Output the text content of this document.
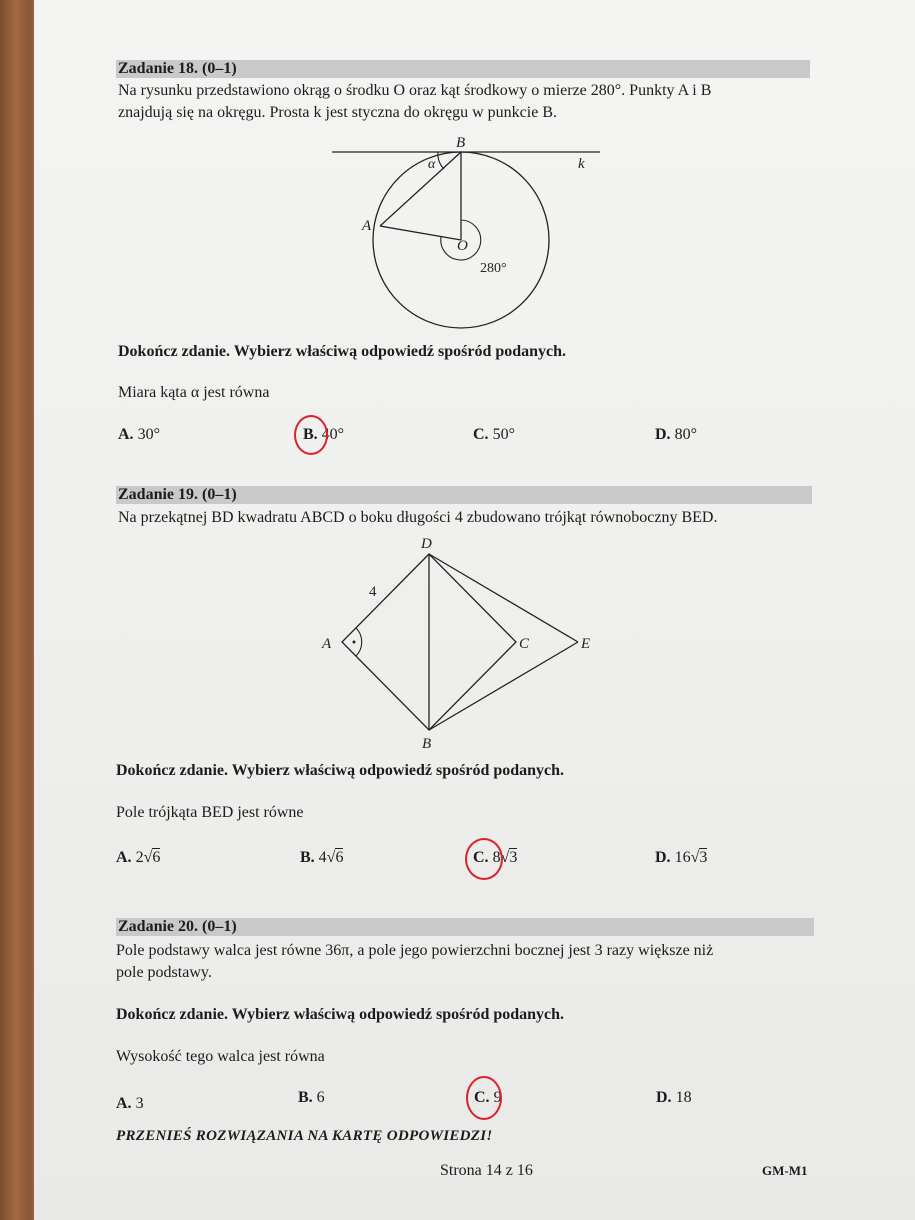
Zadanie 18. (0–1)
Na rysunku przedstawiono okrąg o środku O oraz kąt środkowy o mierze 280°. Punkty A i B
znajdują się na okręgu. Prosta k jest styczna do okręgu w punkcie B.
B
k
α
A
O
280°
Dokończ zdanie. Wybierz właściwą odpowiedź spośród podanych.
Miara kąta α jest równa
A. 30°	B. 40°	C. 50°	D. 80°
Zadanie 19. (0–1)
Na przekątnej BD kwadratu ABCD o boku długości 4 zbudowano trójkąt równoboczny BED.
D
4
A	C	E
B
Dokończ zdanie. Wybierz właściwą odpowiedź spośród podanych.
Pole trójkąta BED jest równe
A. 2√6	B. 4√6	C. 8√3	D. 16√3
Zadanie 20. (0–1)
Pole podstawy walca jest równe 36π, a pole jego powierzchni bocznej jest 3 razy większe niż
pole podstawy.
Dokończ zdanie. Wybierz właściwą odpowiedź spośród podanych.
Wysokość tego walca jest równa
A. 3	B. 6	C. 9	D. 18
PRZENIEŚ ROZWIĄZANIA NA KARTĘ ODPOWIEDZI!
Strona 14 z 16	GM-M1
